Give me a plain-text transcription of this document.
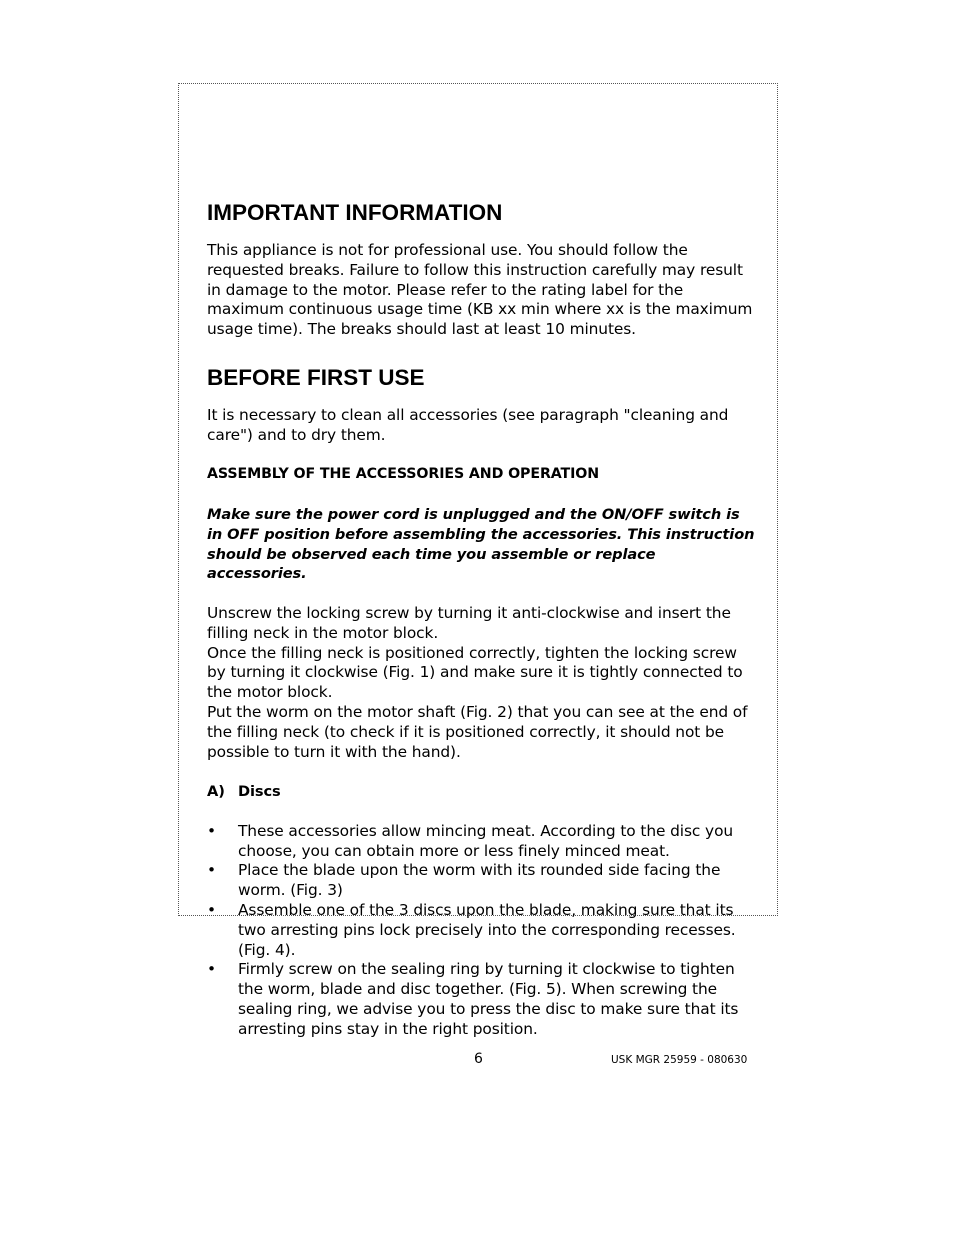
IMPORTANT INFORMATION

This appliance is not for professional use. You should follow the requested breaks. Failure to follow this instruction carefully may result in damage to the motor. Please refer to the rating label for the maximum continuous usage time (KB xx min where xx is the maximum usage time). The breaks should last at least 10 minutes.

BEFORE FIRST USE

It is necessary to clean all accessories (see paragraph "cleaning and care") and to dry them.

ASSEMBLY OF THE ACCESSORIES AND OPERATION

Make sure the power cord is unplugged and the ON/OFF switch is in OFF position before assembling the accessories. This instruction should be observed each time you assemble or replace accessories.

Unscrew the locking screw by turning it anti-clockwise and insert the filling neck in the motor block.

Once the filling neck is positioned correctly, tighten the locking screw by turning it clockwise (Fig. 1) and make sure it is tightly connected to the motor block.

Put the worm on the motor shaft (Fig. 2) that you can see at the end of the filling neck (to check if it is positioned correctly, it should not be possible to turn it with the hand).

A) Discs

• These accessories allow mincing meat. According to the disc you choose, you can obtain more or less finely minced meat.
• Place the blade upon the worm with its rounded side facing the worm. (Fig. 3)
• Assemble one of the 3 discs upon the blade, making sure that its two arresting pins lock precisely into the corresponding recesses. (Fig. 4).
• Firmly screw on the sealing ring by turning it clockwise to tighten the worm, blade and disc together. (Fig. 5). When screwing the sealing ring, we advise you to press the disc to make sure that its arresting pins stay in the right position.
6	USK MGR 25959 - 080630
